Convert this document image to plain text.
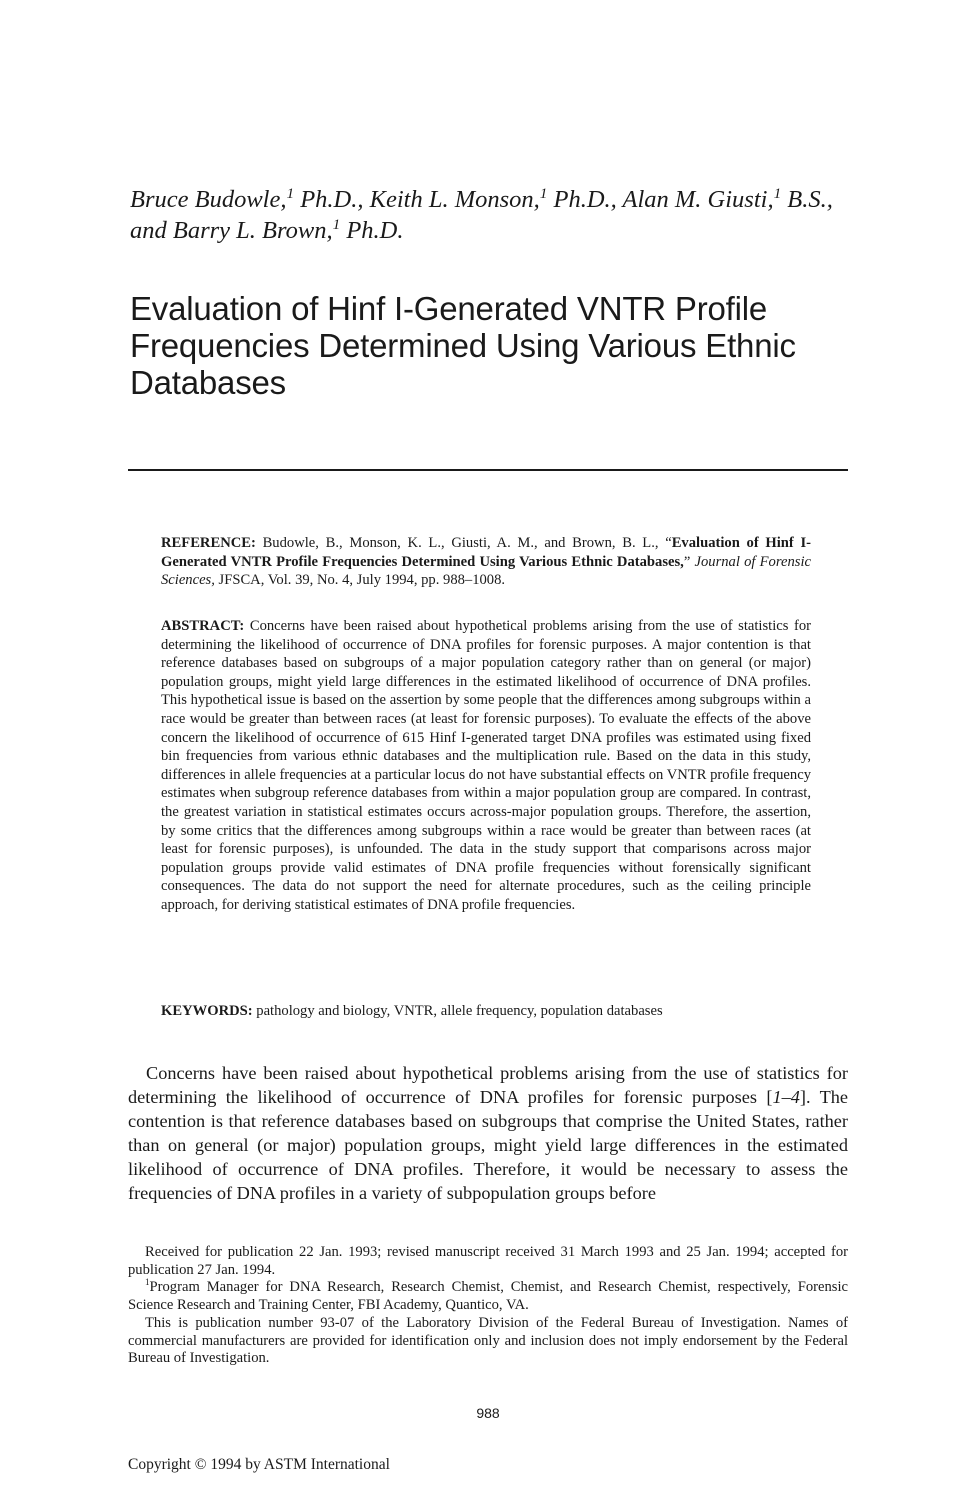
Bruce Budowle,$^1$ Ph.D., Keith L. Monson,$^1$ Ph.D., Alan M. Giusti,$^1$ B.S., and Barry L. Brown,$^1$ Ph.D.
Evaluation of Hinf I-Generated VNTR Profile Frequencies Determined Using Various Ethnic Databases
REFERENCE: Budowle, B., Monson, K. L., Giusti, A. M., and Brown, B. L., “Evaluation of Hinf I-Generated VNTR Profile Frequencies Determined Using Various Ethnic Databases,” Journal of Forensic Sciences, JFSCA, Vol. 39, No. 4, July 1994, pp. 988–1008.
ABSTRACT: Concerns have been raised about hypothetical problems arising from the use of statistics for determining the likelihood of occurrence of DNA profiles for forensic purposes. A major contention is that reference databases based on subgroups of a major population category rather than on general (or major) population groups, might yield large differences in the estimated likelihood of occurrence of DNA profiles. This hypothetical issue is based on the assertion by some people that the differences among subgroups within a race would be greater than between races (at least for forensic purposes). To evaluate the effects of the above concern the likelihood of occurrence of 615 Hinf I-generated target DNA profiles was estimated using fixed bin frequencies from various ethnic databases and the multiplication rule. Based on the data in this study, differences in allele frequencies at a particular locus do not have substantial effects on VNTR profile frequency estimates when subgroup reference databases from within a major population group are compared. In contrast, the greatest variation in statistical estimates occurs across-major population groups. Therefore, the assertion, by some critics that the differences among subgroups within a race would be greater than between races (at least for forensic purposes), is unfounded. The data in the study support that comparisons across major population groups provide valid estimates of DNA profile frequencies without forensically significant consequences. The data do not support the need for alternate procedures, such as the ceiling principle approach, for deriving statistical estimates of DNA profile frequencies.
KEYWORDS: pathology and biology, VNTR, allele frequency, population databases

Concerns have been raised about hypothetical problems arising from the use of statistics for determining the likelihood of occurrence of DNA profiles for forensic purposes [1–4]. The contention is that reference databases based on subgroups that comprise the United States, rather than on general (or major) population groups, might yield large differences in the estimated likelihood of occurrence of DNA profiles. Therefore, it would be necessary to assess the frequencies of DNA profiles in a variety of subpopulation groups before

Received for publication 22 Jan. 1993; revised manuscript received 31 March 1993 and 25 Jan. 1994; accepted for publication 27 Jan. 1994.

$^1$Program Manager for DNA Research, Research Chemist, Chemist, and Research Chemist, respectively, Forensic Science Research and Training Center, FBI Academy, Quantico, VA.

This is publication number 93-07 of the Laboratory Division of the Federal Bureau of Investigation. Names of commercial manufacturers are provided for identification only and inclusion does not imply endorsement by the Federal Bureau of Investigation.

988
Copyright © 1994 by ASTM International
